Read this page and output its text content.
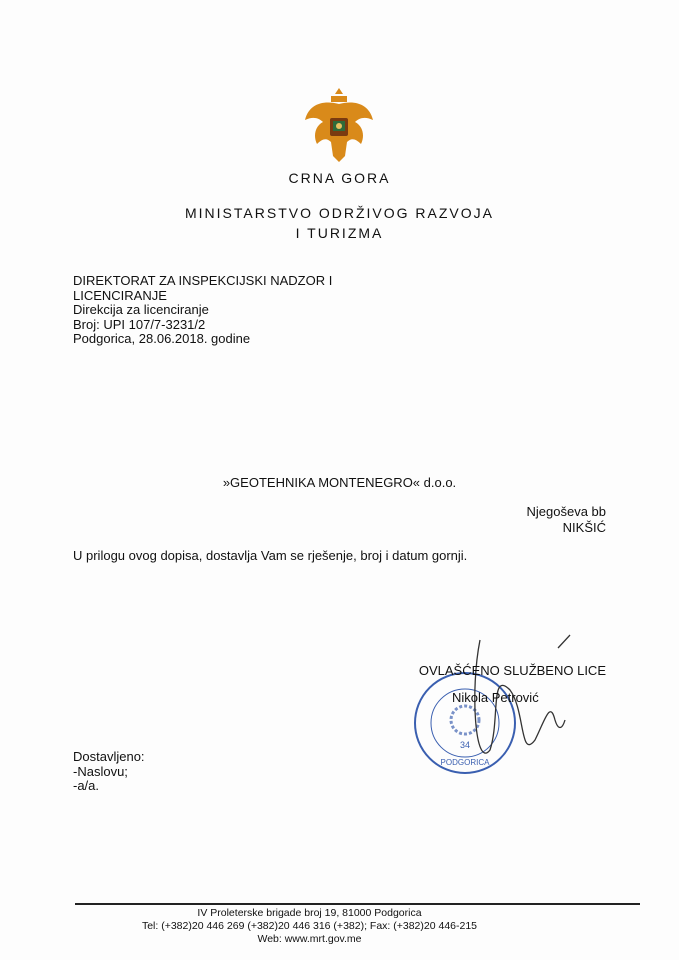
CRNA GORA
MINISTARSTVO ODRŽIVOG RAZVOJA
I TURIZMA
DIREKTORAT ZA INSPEKCIJSKI NADZOR I
LICENCIRANJE
Direkcija za licenciranje
Broj: UPI 107/7-3231/2
Podgorica, 28.06.2018. godine
»GEOTEHNIKA MONTENEGRO« d.o.o.
Njegoševa bb
NIKŠIĆ
U prilogu ovog dopisa, dostavlja Vam se rješenje, broj i datum gornji.
34
PODGORICA
OVLAŠĆENO SLUŽBENO LICE
Nikola Petrović
Dostavljeno:
-Naslovu;
-a/a.
IV Proleterske brigade broj 19, 81000 Podgorica
Tel: (+382)20 446 269 (+382)20 446 316 (+382); Fax: (+382)20 446-215
Web: www.mrt.gov.me
